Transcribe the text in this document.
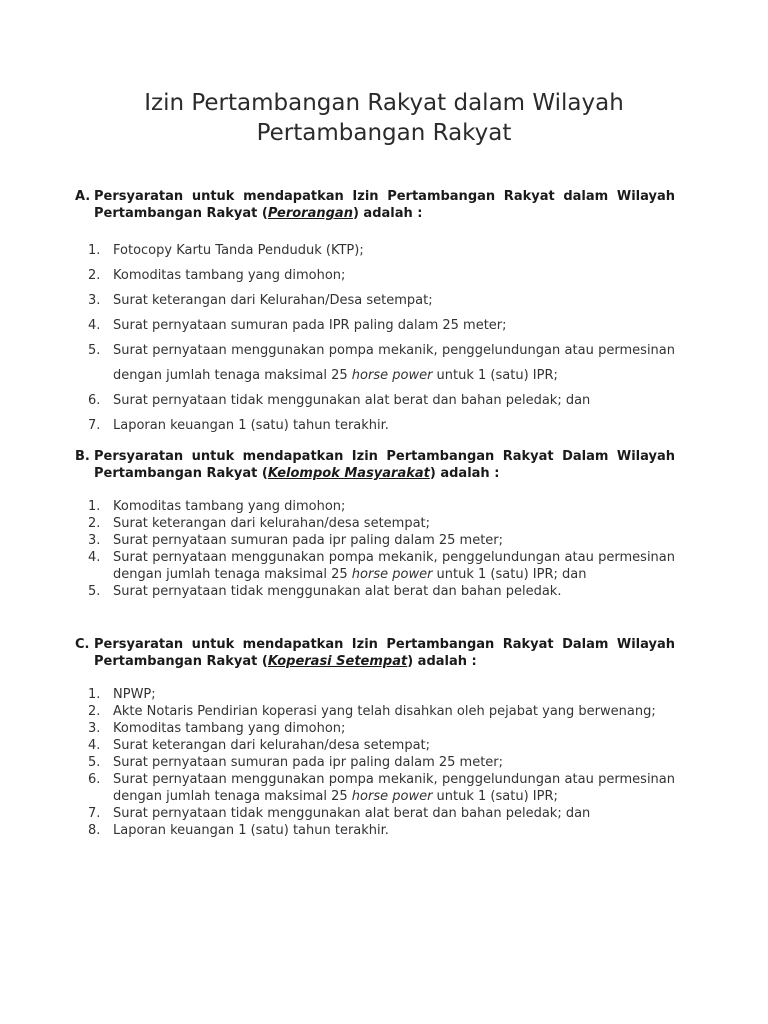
Izin Pertambangan Rakyat dalam Wilayah Pertambangan Rakyat
A. Persyaratan untuk mendapatkan Izin Pertambangan Rakyat dalam Wilayah Pertambangan Rakyat (Perorangan) adalah :
1. Fotocopy Kartu Tanda Penduduk (KTP);
2. Komoditas tambang yang dimohon;
3. Surat keterangan dari Kelurahan/Desa setempat;
4. Surat pernyataan sumuran pada IPR paling dalam 25 meter;
5. Surat pernyataan menggunakan pompa mekanik, penggelundungan atau permesinan dengan jumlah tenaga maksimal 25 horse power untuk 1 (satu) IPR;
6. Surat pernyataan tidak menggunakan alat berat dan bahan peledak; dan
7. Laporan keuangan 1 (satu) tahun terakhir.
B. Persyaratan untuk mendapatkan Izin Pertambangan Rakyat Dalam Wilayah Pertambangan Rakyat (Kelompok Masyarakat) adalah :
1. Komoditas tambang yang dimohon;
2. Surat keterangan dari kelurahan/desa setempat;
3. Surat pernyataan sumuran pada ipr paling dalam 25 meter;
4. Surat pernyataan menggunakan pompa mekanik, penggelundungan atau permesinan dengan jumlah tenaga maksimal 25 horse power untuk 1 (satu) IPR; dan
5. Surat pernyataan tidak menggunakan alat berat dan bahan peledak.
C. Persyaratan untuk mendapatkan Izin Pertambangan Rakyat Dalam Wilayah Pertambangan Rakyat (Koperasi Setempat) adalah :
1. NPWP;
2. Akte Notaris Pendirian koperasi yang telah disahkan oleh pejabat yang berwenang;
3. Komoditas tambang yang dimohon;
4. Surat keterangan dari kelurahan/desa setempat;
5. Surat pernyataan sumuran pada ipr paling dalam 25 meter;
6. Surat pernyataan menggunakan pompa mekanik, penggelundungan atau permesinan dengan jumlah tenaga maksimal 25 horse power untuk 1 (satu) IPR;
7. Surat pernyataan tidak menggunakan alat berat dan bahan peledak; dan
8. Laporan keuangan 1 (satu) tahun terakhir.
